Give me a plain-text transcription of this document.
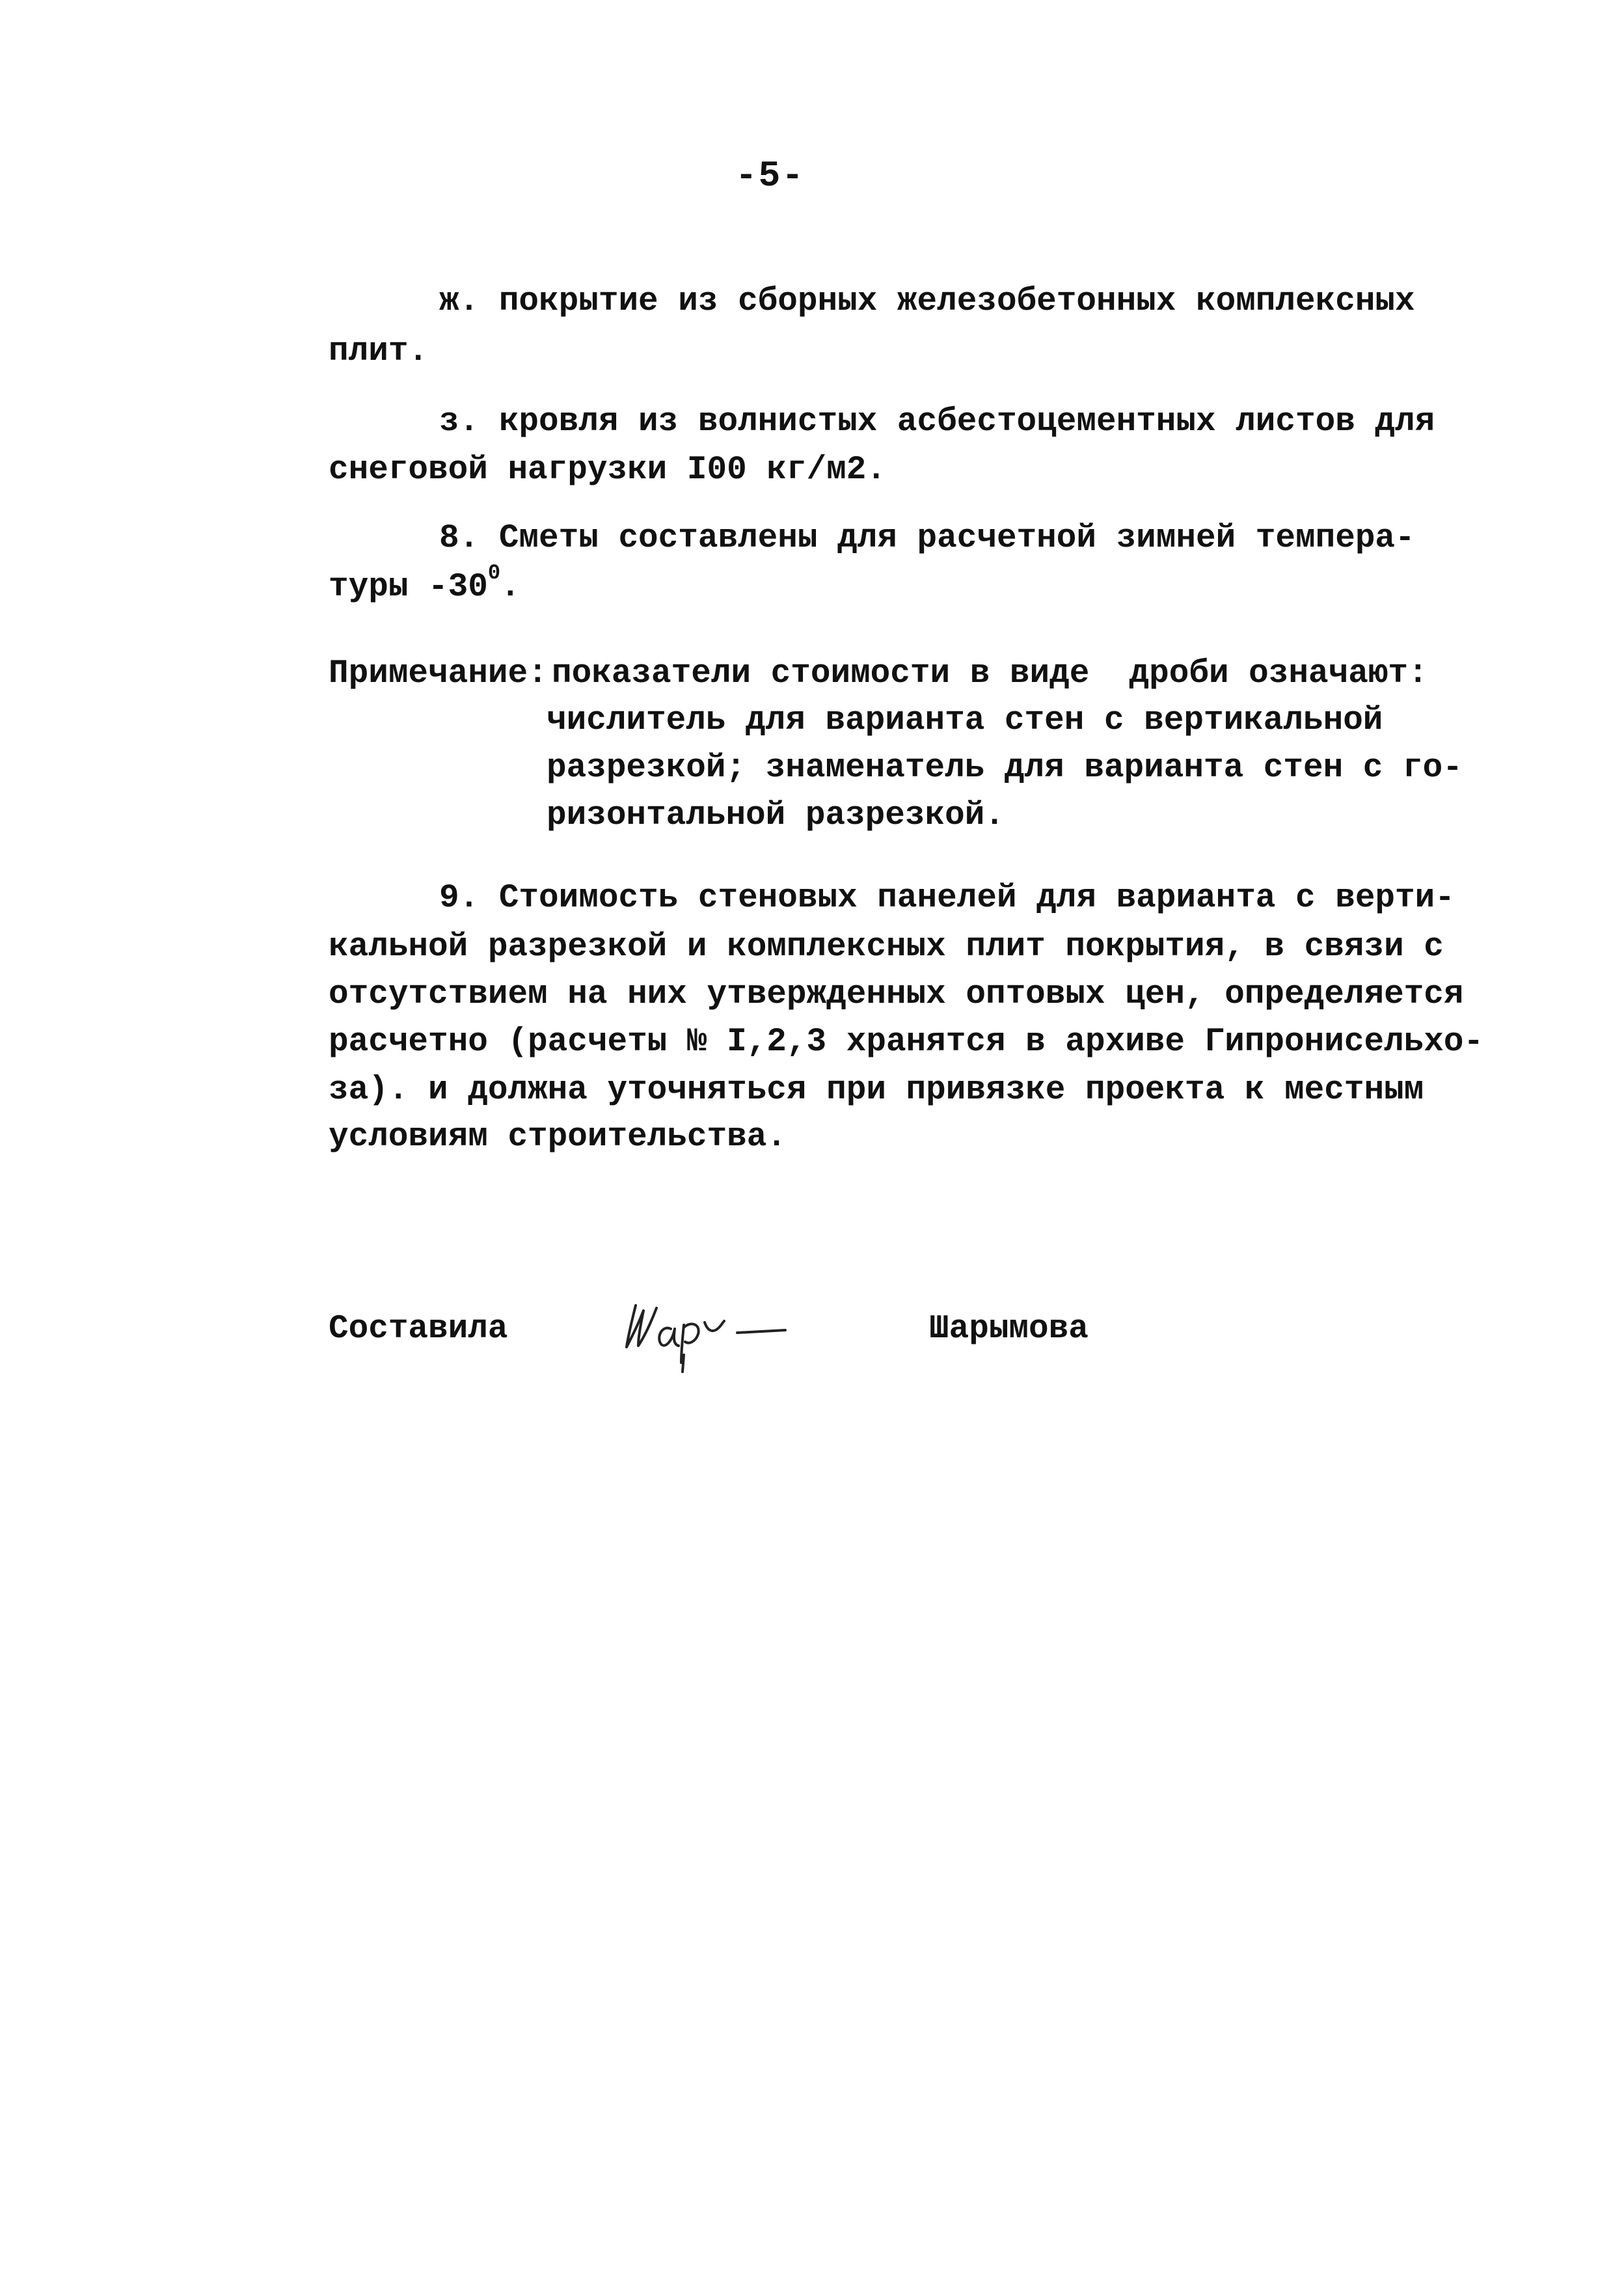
-5-
ж. покрытие из сборных железобетонных комплексных
плит.
з. кровля из волнистых асбестоцементных листов для
снеговой нагрузки I00 кг/м2.
8. Сметы составлены для расчетной зимней темпера-
туры $-30^0$.
Примечание: показатели стоимости в виде  дроби означают:
числитель для варианта стен с вертикальной
разрезкой; знаменатель для варианта стен с го-
ризонтальной разрезкой.
9. Стоимость стеновых панелей для варианта с верти-
кальной разрезкой и комплексных плит покрытия, в связи с
отсутствием на них утвержденных оптовых цен, определяется
расчетно (расчеты № I,2,3 хранятся в архиве Гипронисельхо-
за). и должна уточняться при привязке проекта к местным
условиям строительства.
Составила	Шарымова
